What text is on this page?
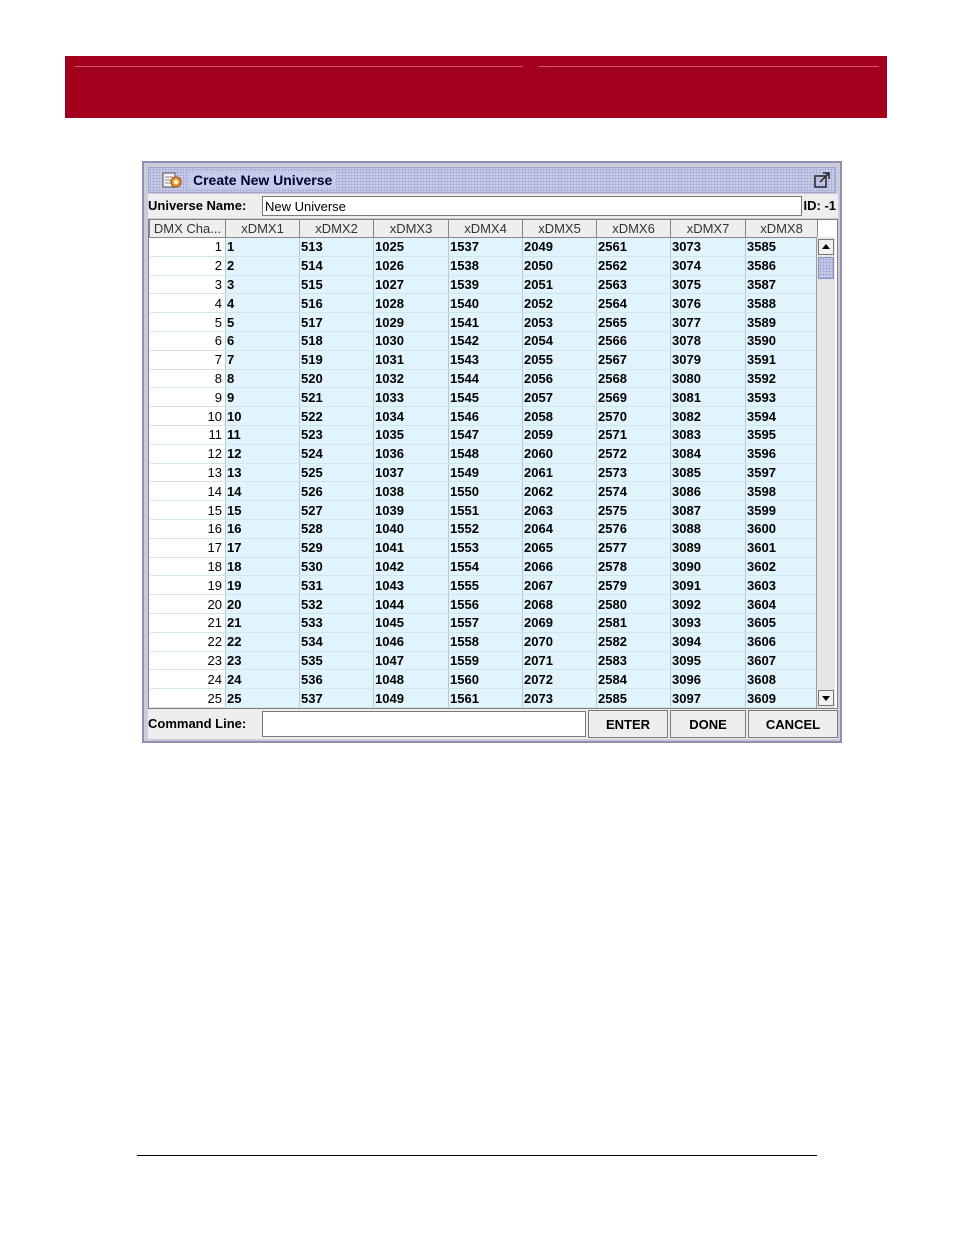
Create New Universe
Universe Name:
New Universe	ID: -1
DMX Cha...	xDMX1	xDMX2	xDMX3	xDMX4	xDMX5	xDMX6	xDMX7	xDMX8
1	1	513	1025	1537	2049	2561	3073	3585
2	2	514	1026	1538	2050	2562	3074	3586
3	3	515	1027	1539	2051	2563	3075	3587
4	4	516	1028	1540	2052	2564	3076	3588
5	5	517	1029	1541	2053	2565	3077	3589
6	6	518	1030	1542	2054	2566	3078	3590
7	7	519	1031	1543	2055	2567	3079	3591
8	8	520	1032	1544	2056	2568	3080	3592
9	9	521	1033	1545	2057	2569	3081	3593
10	10	522	1034	1546	2058	2570	3082	3594
11	11	523	1035	1547	2059	2571	3083	3595
12	12	524	1036	1548	2060	2572	3084	3596
13	13	525	1037	1549	2061	2573	3085	3597
14	14	526	1038	1550	2062	2574	3086	3598
15	15	527	1039	1551	2063	2575	3087	3599
16	16	528	1040	1552	2064	2576	3088	3600
17	17	529	1041	1553	2065	2577	3089	3601
18	18	530	1042	1554	2066	2578	3090	3602
19	19	531	1043	1555	2067	2579	3091	3603
20	20	532	1044	1556	2068	2580	3092	3604
21	21	533	1045	1557	2069	2581	3093	3605
22	22	534	1046	1558	2070	2582	3094	3606
23	23	535	1047	1559	2071	2583	3095	3607
24	24	536	1048	1560	2072	2584	3096	3608
25	25	537	1049	1561	2073	2585	3097	3609
Command Line:	ENTER	DONE	CANCEL
